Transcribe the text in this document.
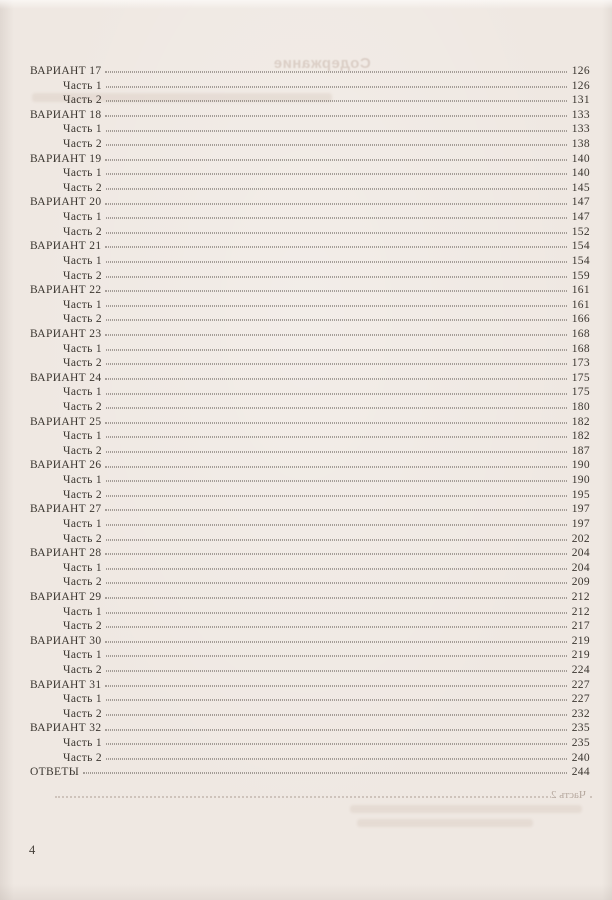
Содержание
ВАРИАНТ 17	126
Часть 1	126
Часть 2	131
ВАРИАНТ 18	133
Часть 1	133
Часть 2	138
ВАРИАНТ 19	140
Часть 1	140
Часть 2	145
ВАРИАНТ 20	147
Часть 1	147
Часть 2	152
ВАРИАНТ 21	154
Часть 1	154
Часть 2	159
ВАРИАНТ 22	161
Часть 1	161
Часть 2	166
ВАРИАНТ 23	168
Часть 1	168
Часть 2	173
ВАРИАНТ 24	175
Часть 1	175
Часть 2	180
ВАРИАНТ 25	182
Часть 1	182
Часть 2	187
ВАРИАНТ 26	190
Часть 1	190
Часть 2	195
ВАРИАНТ 27	197
Часть 1	197
Часть 2	202
ВАРИАНТ 28	204
Часть 1	204
Часть 2	209
ВАРИАНТ 29	212
Часть 1	212
Часть 2	217
ВАРИАНТ 30	219
Часть 1	219
Часть 2	224
ВАРИАНТ 31	227
Часть 1	227
Часть 2	232
ВАРИАНТ 32	235
Часть 1	235
Часть 2	240
ОТВЕТЫ	244
Часть 2
4
